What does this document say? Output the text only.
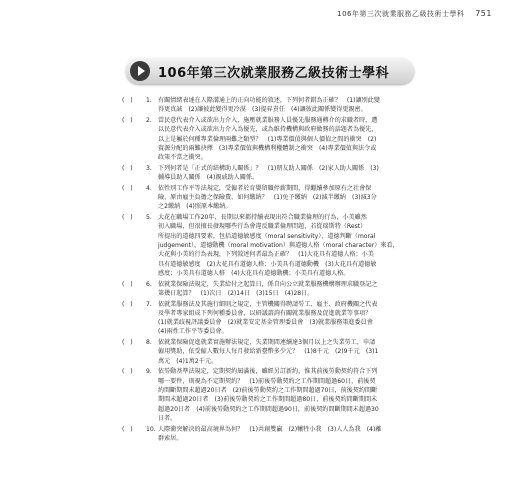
106年第三次就業服務乙級技術士學科 751
106年第三次就業服務乙級技術士學科
(   )	1.	有關情緒表達在人際溝通上的正向功能的敘述，下列何者錯為正確？　(1)讓別此變
得更真誠　(2)讓彼此變得更冷漠　(3)提昇責任　(4)讓彼此關係變得更親密。
(   )	2.	當民意代表介入或欲出力介入，施壓就業服務人員優先服務通轉介的求職者時，遭
以民意代表介入或欲出力介入為優先，或為維持機構與政府做務的話題者為優先，
以上是屬於何種專業倫理兩難之類型？　(1)專業價值與個人價值之間的衝突　(2)
資源分配的兩難抉擇　(3)專業價值與機構利權體制之衝突　(4)專業價值與法令或
政策不當之衝突。
(   )	3.	下列何者是「正式的結構助人關係」？　(1)朋友助人關係　(2)家人助人關係　(3)
輔導員助人關係　(4)親戚助人關係。
(   )	4.	依性別工作平等法規定，受僱者於育嬰留職停薪期間，得繼續參加原有之社會保
險，原由雇主負擔之保險費，如何繳納？　(1)免予繳納　(2)減半繳納　(3)減3分
之2繳納　(4)照原本繳納。
(   )	5.	大花在職場工作20年，長期以來都持續表現出符合職業倫理的行為，小美雖然
初入職場，但很擅長發現哪些行為會違反職業倫理問題，若從瑞斯特（Rest）
所提出的道德四要素，包括道德敏感度（moral sensitivity）、道德判斷（moral
judgement）、道德動機（moral motivation）與道德人格（moral character）來看，
大花與小美的行為表現，下列敘述何者最為正確？　(1)大花具有道德人格；小美
具有道德敏感度　(2)大花具有道德人格；小美具有道德動機　(3)大花具有道德敏
感度；小美具有道德人格　(4)大花具有道德動機；小美具有道德人格。
(   )	6.	依就業保險法規定，失業給付之起算日，係自向公立就業服務機構辦理求職登記之
第幾日起算？　(1)次日　(2)14日　(3)15日　(4)28日。
(   )	7.	依就業服務法及其施行細則之規定，主管機關得聘請勞工、雇主、政府機關之代表
及學者專家組成下列何種委員會，以研議諮詢有關就業服務及促進就業等事項？
(1)就業歧視評議委員會　(2)就業安定基金管理委員會　(3)就業服務策進委員會
(4)兩性工作平等委員會。
(   )	8.	依就業保險促進就業實施辦法規定，失業期間連續達3個月以上之失業勞工，申請
僱用獎助，依受僱人數每人每月發給新臺幣多少元？　(1)8千元　(2)9千元　(3)1
萬元　(4)1萬2千元。
(   )	9.	依勞動基準法規定，定期契約屆滿後，雖經另訂新約，惟其前後勞動契約符合下列
哪一要件，則視為不定期契約？　(1)前後勞動契約之工作期間超過60日，前後契
約間斷期間未超過20日者　(2)前後勞動契約之工作期間超過70日，前後契約間斷
期間未超過20日者　(3)前後勞動契約之工作期間超過80日，前後契約間斷期間未
超過20日者　(4)前後勞動契約之工作期間超過90日，前後契約間斷期間未超過30
日者。
(   )	10. 人際衝突解決的最高境界為何？　(1)共創雙贏　(2)犧牲小我　(3)人人為我　(4)離
群索居。
